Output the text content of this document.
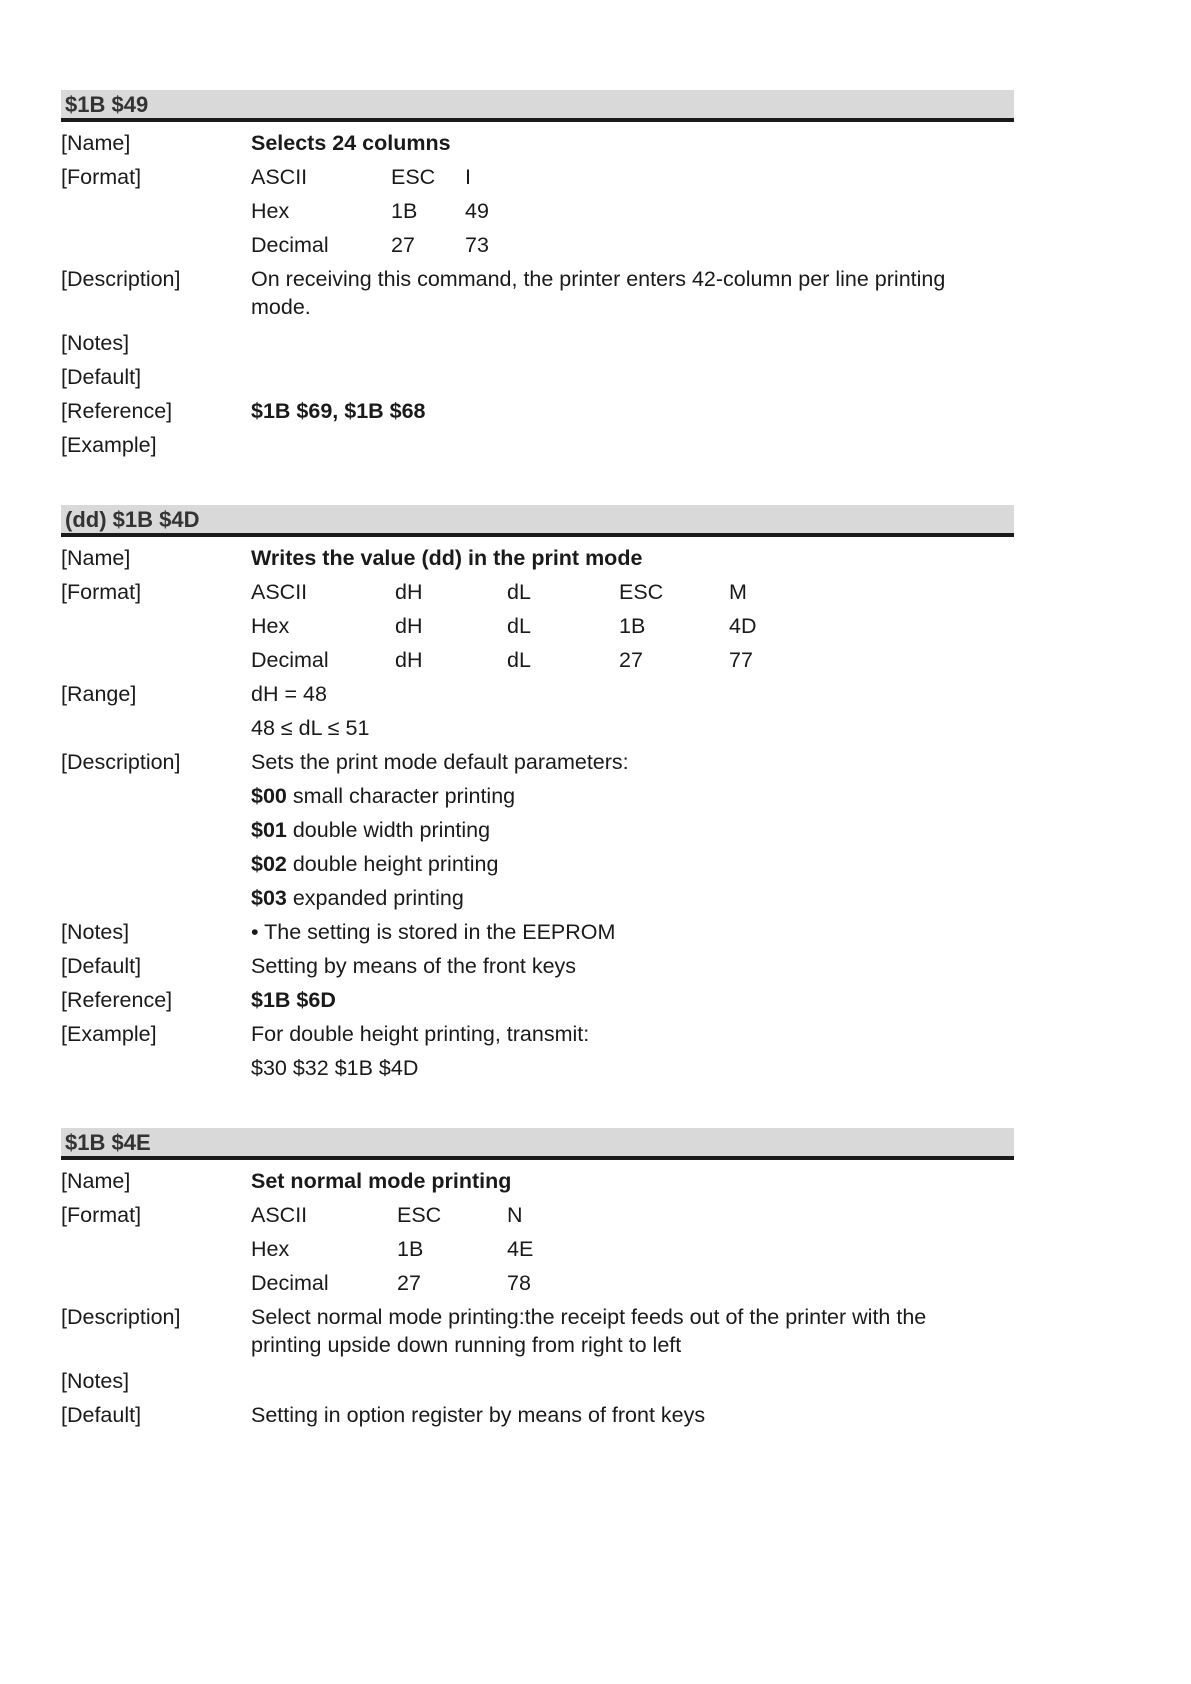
$1B $49
[Name]	Selects 24 columns
[Format]	ASCII	ESC	I
Hex	1B	49
Decimal	27	73
[Description]	On receiving this command, the printer enters 42-column per line printing mode.
[Notes]
[Default]
[Reference]	$1B $69, $1B $68
[Example]
(dd) $1B $4D
[Name]	Writes the value (dd) in the print mode
[Format]	ASCII	dH	dL	ESC	M
Hex	dH	dL	1B	4D
Decimal	dH	dL	27	77
[Range]	dH = 48
48 ≤ dL ≤ 51
[Description]	Sets the print mode default parameters:
$00 small character printing
$01 double width printing
$02 double height printing
$03 expanded printing
[Notes]	• The setting is stored in the EEPROM
[Default]	Setting by means of the front keys
[Reference]	$1B $6D
[Example]	For double height printing, transmit:
$30 $32 $1B $4D
$1B $4E
[Name]	Set normal mode printing
[Format]	ASCII	ESC	N
Hex	1B	4E
Decimal	27	78
[Description]	Select normal mode printing:the receipt feeds out of the printer with the printing upside down running from right to left
[Notes]
[Default]	Setting in option register by means of front keys
